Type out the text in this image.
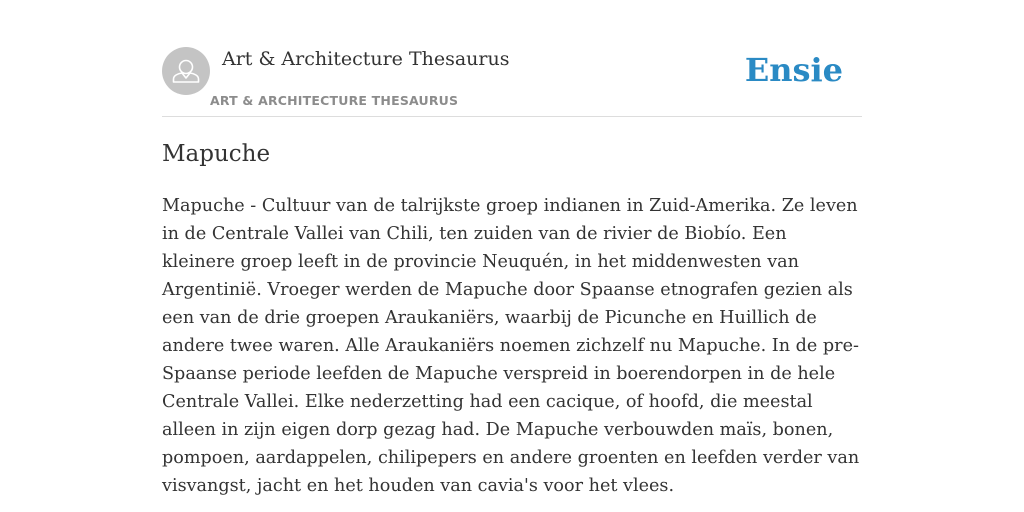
Art & Architecture Thesaurus
ART & ARCHITECTURE THESAURUS
Ensie
Mapuche

Mapuche - Cultuur van de talrijkste groep indianen in Zuid-Amerika. Ze leven in de Centrale Vallei van Chili, ten zuiden van de rivier de Biobío. Een kleinere groep leeft in de provincie Neuquén, in het middenwesten van Argentinië. Vroeger werden de Mapuche door Spaanse etnografen gezien als een van de drie groepen Araukaniërs, waarbij de Picunche en Huillich de andere twee waren. Alle Araukaniërs noemen zichzelf nu Mapuche. In de pre-Spaanse periode leefden de Mapuche verspreid in boerendorpen in de hele Centrale Vallei. Elke nederzetting had een cacique, of hoofd, die meestal alleen in zijn eigen dorp gezag had. De Mapuche verbouwden maïs, bonen, pompoen, aardappelen, chilipepers en andere groenten en leefden verder van visvangst, jacht en het houden van cavia's voor het vlees.
